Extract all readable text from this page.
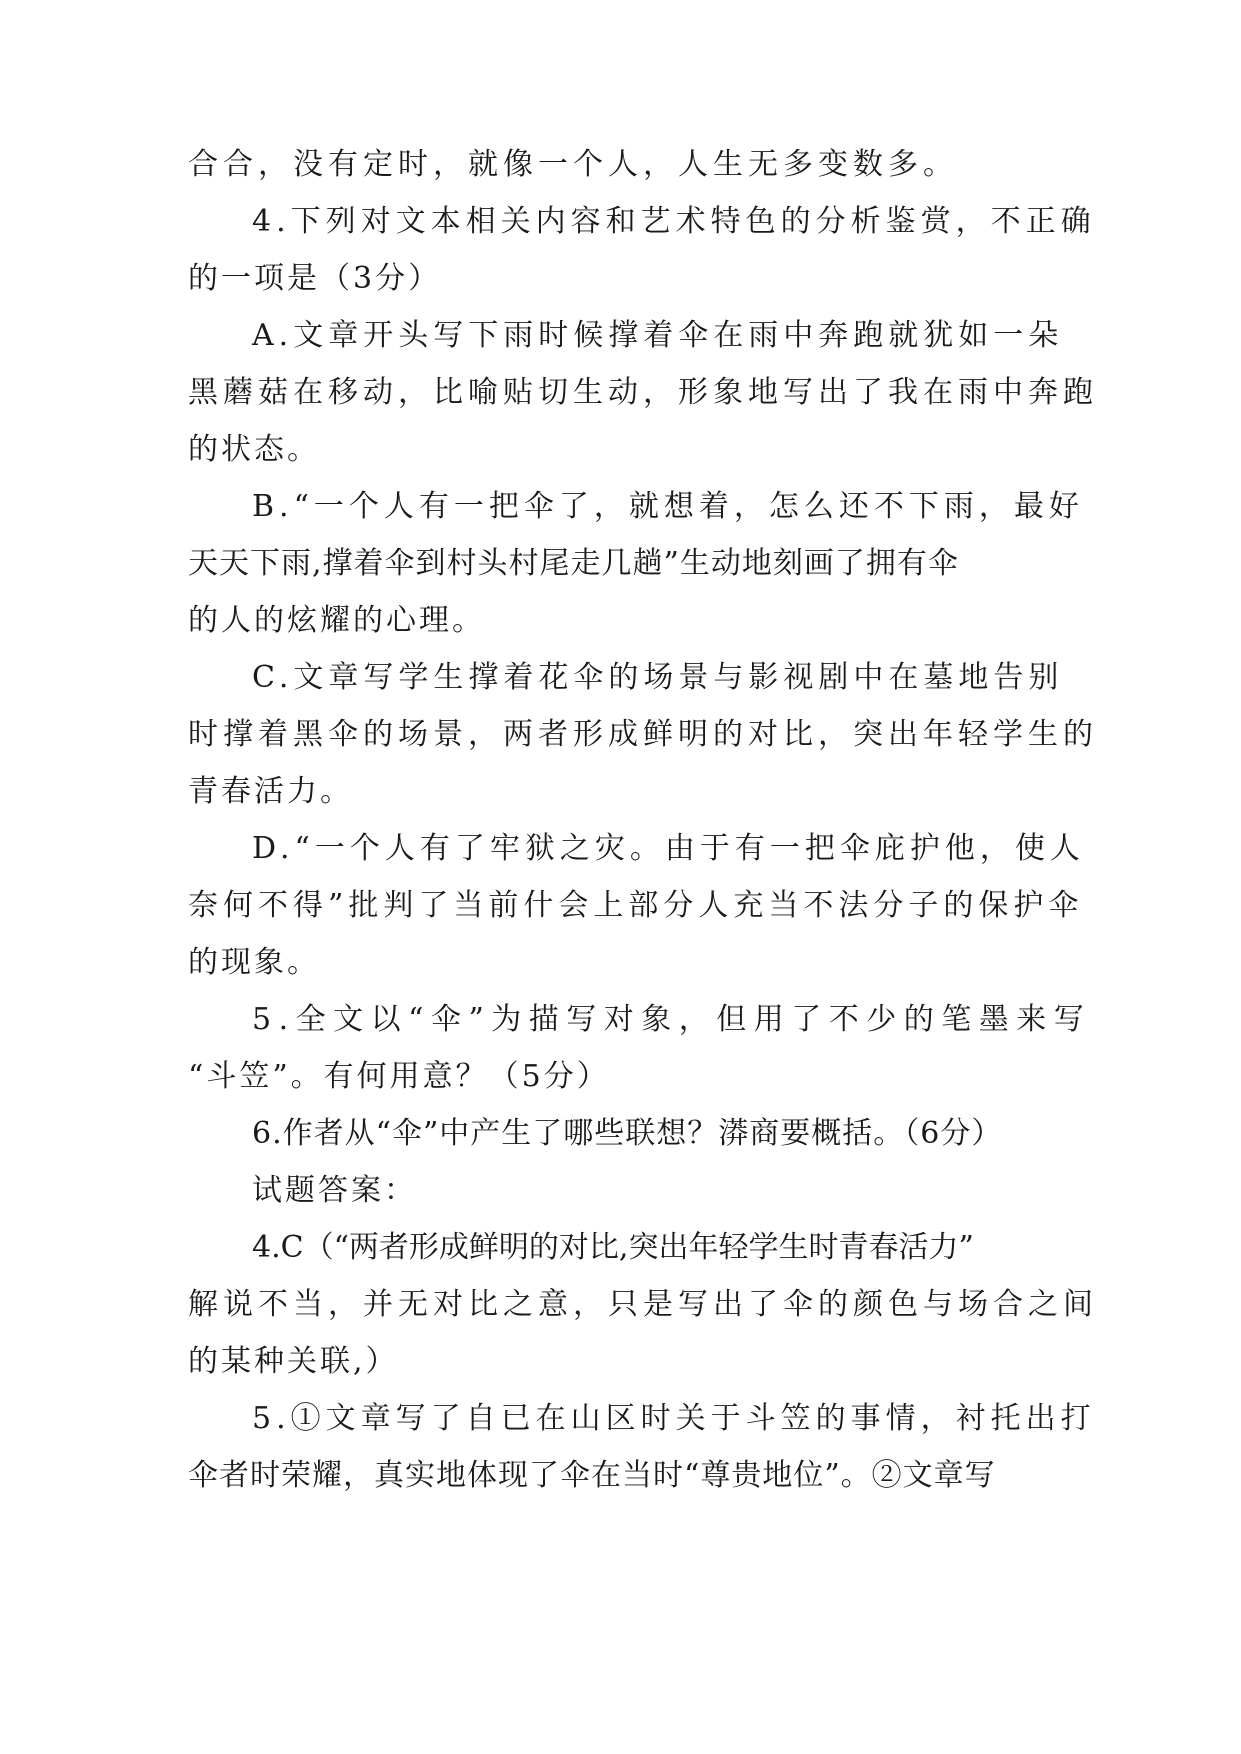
合合，没有定时，就像一个人，人生无多变数多。
4.下列对文本相关内容和艺术特色的分析鉴赏，不正确
的一项是（3分）
A.文章开头写下雨时候撑着伞在雨中奔跑就犹如一朵
黑蘑菇在移动，比喻贴切生动，形象地写出了我在雨中奔跑
的状态。
B.“一个人有一把伞了，就想着，怎么还不下雨，最好
天天下雨,撑着伞到村头村尾走几趟”生动地刻画了拥有伞
的人的炫耀的心理。
C.文章写学生撑着花伞的场景与影视剧中在墓地告别
时撑着黑伞的场景，两者形成鲜明的对比，突出年轻学生的
青春活力。
D.“一个人有了牢狱之灾。由于有一把伞庇护他，使人
奈何不得”批判了当前什会上部分人充当不法分子的保护伞
的现象。
5.全文以“伞”为描写对象，但用了不少的笔墨来写
“斗笠”。有何用意？（5分）
6.作者从“伞”中产生了哪些联想？漭商要概括。（6分）
试题答案：
4.C（“两者形成鲜明的对比,突出年轻学生时青春活力”
解说不当，并无对比之意，只是写出了伞的颜色与场合之间
的某种关联,）
5.①文章写了自已在山区时关于斗笠的事情，衬托出打
伞者时荣耀，真实地体现了伞在当时“尊贵地位”。②文章写
